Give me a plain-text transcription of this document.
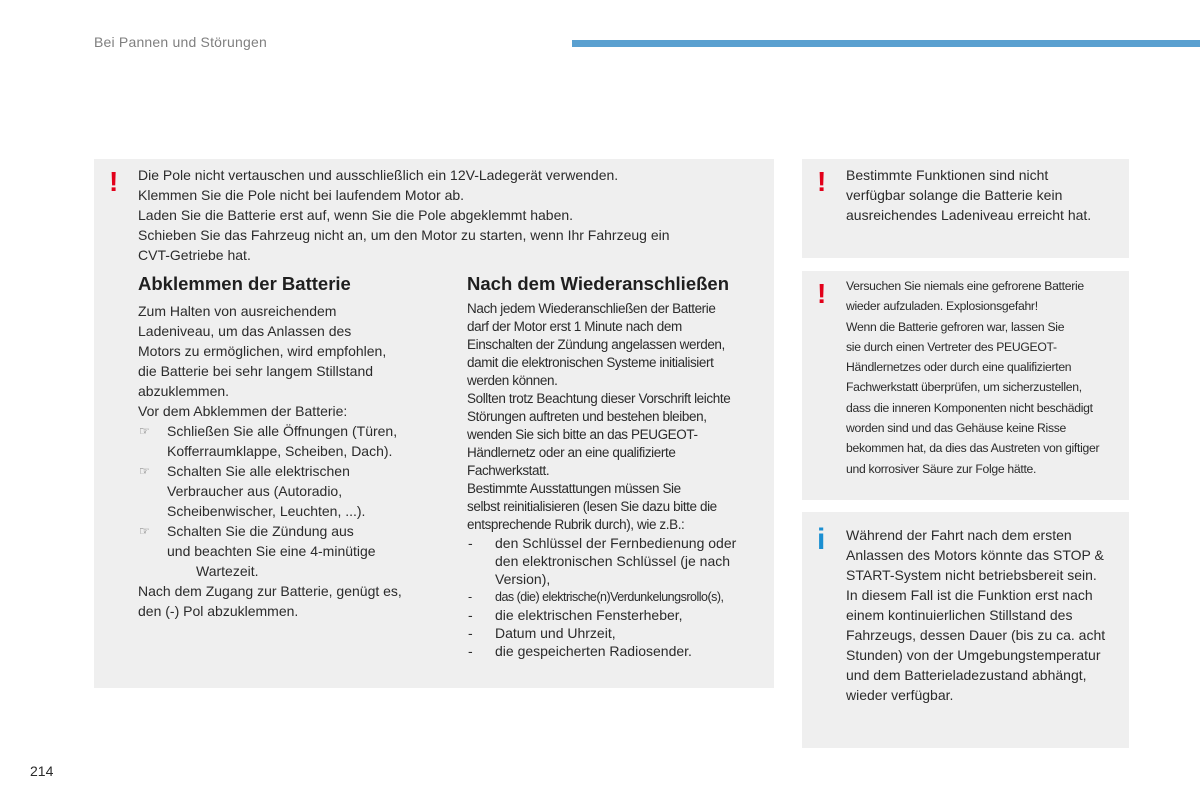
Bei Pannen und Störungen
! Die Pole nicht vertauschen und ausschließlich ein 12V-Ladegerät verwenden.

Klemmen Sie die Pole nicht bei laufendem Motor ab.

Laden Sie die Batterie erst auf, wenn Sie die Pole abgeklemmt haben.

Schieben Sie das Fahrzeug nicht an, um den Motor zu starten, wenn Ihr Fahrzeug ein

CVT-Getriebe hat.

Abklemmen der Batterie

Zum Halten von ausreichendem

Ladeniveau, um das Anlassen des

Motors zu ermöglichen, wird empfohlen,

die Batterie bei sehr langem Stillstand

abzuklemmen.

Vor dem Abklemmen der Batterie:

☞ Schließen Sie alle Öffnungen (Türen,

Kofferraumklappe, Scheiben, Dach).

☞ Schalten Sie alle elektrischen

Verbraucher aus (Autoradio,

Scheibenwischer, Leuchten, ...).

☞ Schalten Sie die Zündung aus

und beachten Sie eine 4-minütige

Wartezeit.

Nach dem Zugang zur Batterie, genügt es,

den (-) Pol abzuklemmen.

Nach dem Wiederanschließen

Nach jedem Wiederanschließen der Batterie

darf der Motor erst 1 Minute nach dem

Einschalten der Zündung angelassen werden,

damit die elektronischen Systeme initialisiert

werden können.

Sollten trotz Beachtung dieser Vorschrift leichte

Störungen auftreten und bestehen bleiben,

wenden Sie sich bitte an das PEUGEOT-

Händlernetz oder an eine qualifizierte

Fachwerkstatt.

Bestimmte Ausstattungen müssen Sie

selbst reinitialisieren (lesen Sie dazu bitte die

entsprechende Rubrik durch), wie z.B.:

- den Schlüssel der Fernbedienung oder

den elektronischen Schlüssel (je nach

Version),

- das (die) elektrische(n)Verdunkelungsrollo(s),

- die elektrischen Fensterheber,

- Datum und Uhrzeit,

- die gespeicherten Radiosender.

! Bestimmte Funktionen sind nicht

verfügbar solange die Batterie kein

ausreichendes Ladeniveau erreicht hat.

! Versuchen Sie niemals eine gefrorene Batterie

wieder aufzuladen. Explosionsgefahr!

Wenn die Batterie gefroren war, lassen Sie

sie durch einen Vertreter des PEUGEOT-

Händlernetzes oder durch eine qualifizierten

Fachwerkstatt überprüfen, um sicherzustellen,

dass die inneren Komponenten nicht beschädigt

worden sind und das Gehäuse keine Risse

bekommen hat, da dies das Austreten von giftiger

und korrosiver Säure zur Folge hätte.

i Während der Fahrt nach dem ersten

Anlassen des Motors könnte das STOP &

START-System nicht betriebsbereit sein.

In diesem Fall ist die Funktion erst nach

einem kontinuierlichen Stillstand des

Fahrzeugs, dessen Dauer (bis zu ca. acht

Stunden) von der Umgebungstemperatur

und dem Batterieladezustand abhängt,

wieder verfügbar.

214
